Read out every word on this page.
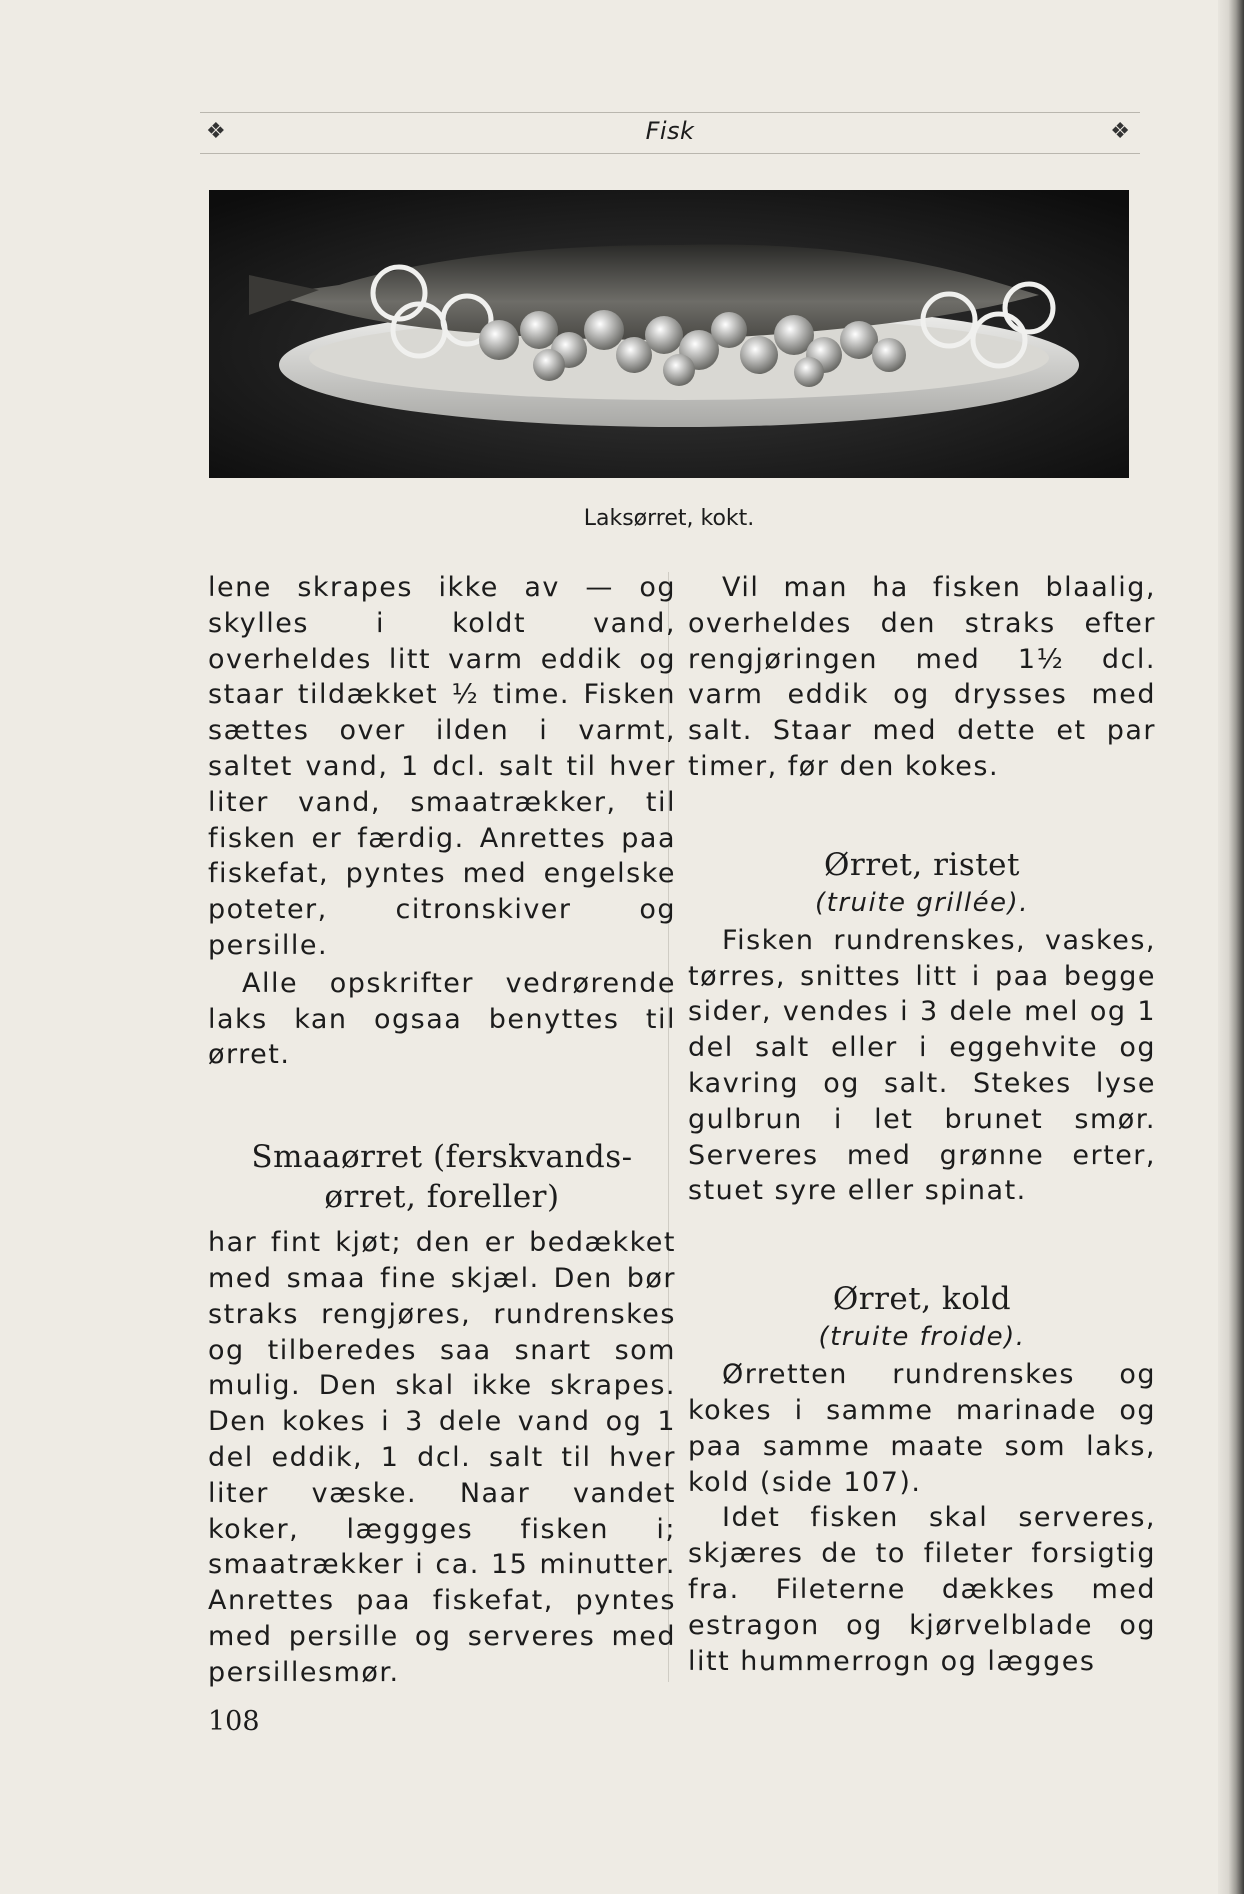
❖	Fisk	❖
Laksørret, kokt.

lene skrapes ikke av — og skylles i koldt vand, overheldes litt varm eddik og staar tildækket ½ time. Fisken sættes over ilden i varmt, saltet vand, 1 dcl. salt til hver liter vand, smaatrækker, til fisken er færdig. Anrettes paa fiskefat, pyntes med engelske poteter, citronskiver og persille.

Alle opskrifter vedrørende laks kan ogsaa benyttes til ørret.

Smaaørret (ferskvands-ørret, foreller)

har fint kjøt; den er bedækket med smaa fine skjæl. Den bør straks rengjøres, rundrenskes og tilberedes saa snart som mulig. Den skal ikke skrapes. Den kokes i 3 dele vand og 1 del eddik, 1 dcl. salt til hver liter væske. Naar vandet koker, læggges fisken i; smaatrækker i ca. 15 minutter. Anrettes paa fiskefat, pyntes med persille og serveres med persillesmør.

Vil man ha fisken blaalig, overheldes den straks efter rengjøringen med 1½ dcl. varm eddik og drysses med salt. Staar med dette et par timer, før den kokes.

Ørret, ristet
(truite grillée).

Fisken rundrenskes, vaskes, tørres, snittes litt i paa begge sider, vendes i 3 dele mel og 1 del salt eller i eggehvite og kavring og salt. Stekes lyse gulbrun i let brunet smør. Serveres med grønne erter, stuet syre eller spinat.

Ørret, kold
(truite froide).

Ørretten rundrenskes og kokes i samme marinade og paa samme maate som laks, kold (side 107).

Idet fisken skal serveres, skjæres de to fileter forsigtig fra. Fileterne dækkes med estragon og kjørvelblade og litt hummerrogn og lægges

108
